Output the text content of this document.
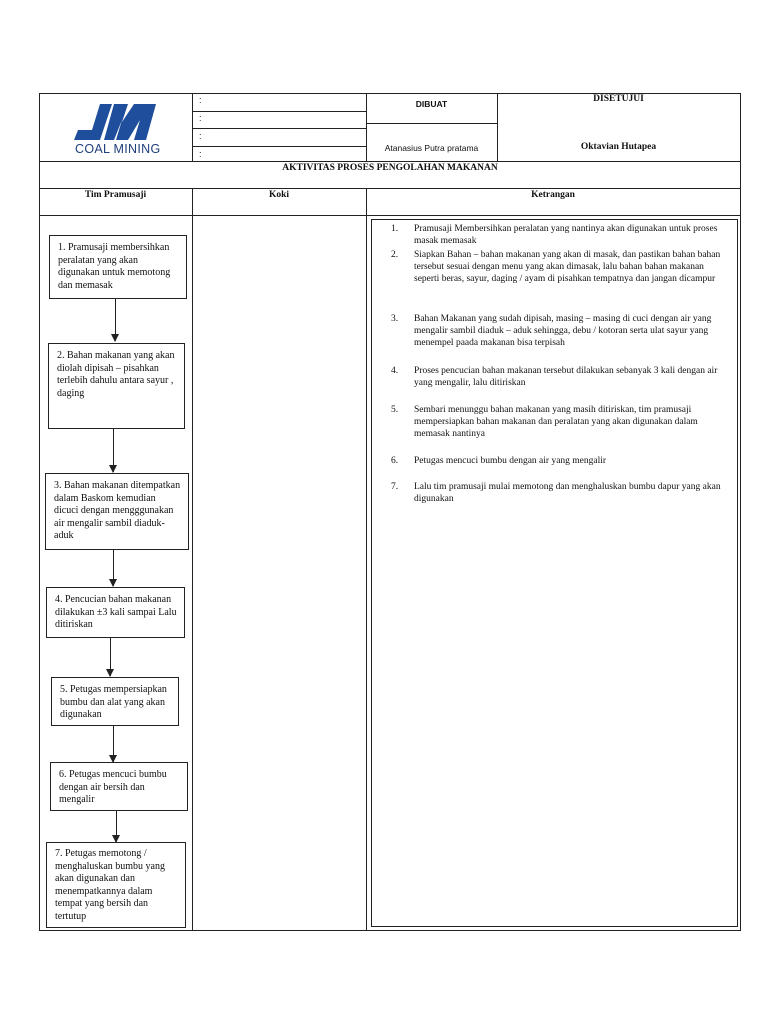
COAL MINING
:
:
:
:
DIBUAT
Atanasius Putra pratama
DISETUJUI
Oktavian Hutapea
AKTIVITAS PROSES PENGOLAHAN MAKANAN
Tim Pramusaji	Koki	Ketrangan
1. Pramusaji membersihkan peralatan yang akan digunakan untuk memotong dan memasak
2. Bahan makanan yang akan diolah dipisah – pisahkan terlebih dahulu antara sayur , daging
3. Bahan makanan ditempatkan dalam Baskom kemudian dicuci dengan mengggunakan air mengalir sambil diaduk-aduk
4. Pencucian bahan makanan dilakukan ±3 kali sampai Lalu ditiriskan
5. Petugas mempersiapkan bumbu dan alat yang akan digunakan
6. Petugas mencuci bumbu dengan air bersih dan mengalir
7. Petugas memotong / menghaluskan bumbu yang akan digunakan dan menempatkannya dalam tempat yang bersih dan tertutup
1. Pramusaji Membersihkan peralatan yang nantinya akan digunakan untuk proses masak memasak
2. Siapkan Bahan – bahan makanan yang akan di masak, dan pastikan bahan bahan tersebut sesuai dengan menu yang akan dimasak, lalu bahan bahan makanan seperti beras, sayur, daging / ayam di pisahkan tempatnya dan jangan dicampur
3. Bahan Makanan yang sudah dipisah, masing – masing di cuci dengan air yang mengalir sambil diaduk – aduk sehingga, debu / kotoran serta ulat sayur yang menempel paada makanan bisa terpisah
4. Proses pencucian bahan makanan tersebut dilakukan sebanyak 3 kali dengan air yang mengalir, lalu ditiriskan
5. Sembari menunggu bahan makanan yang masih ditiriskan, tim pramusaji mempersiapkan bahan makanan dan peralatan yang akan digunakan dalam memasak nantinya
6. Petugas mencuci bumbu dengan air yang mengalir
7. Lalu tim pramusaji mulai memotong dan menghaluskan bumbu dapur yang akan digunakan
